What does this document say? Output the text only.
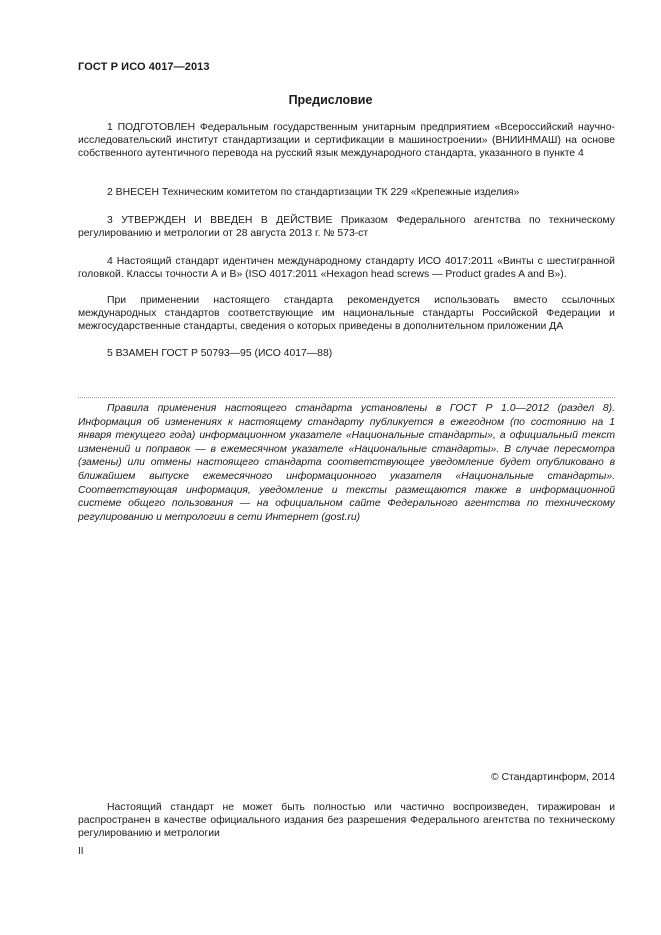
ГОСТ Р ИСО 4017—2013
Предисловие

1 ПОДГОТОВЛЕН Федеральным государственным унитарным предприятием «Всероссийский научно-исследовательский институт стандартизации и сертификации в машиностроении» (ВНИИНМАШ) на основе собственного аутентичного перевода на русский язык международного стандарта, указанного в пункте 4

2 ВНЕСЕН Техническим комитетом по стандартизации ТК 229 «Крепежные изделия»

3 УТВЕРЖДЕН И ВВЕДЕН В ДЕЙСТВИЕ Приказом Федерального агентства по техническому регулированию и метрологии от 28 августа 2013 г. № 573-ст

4 Настоящий стандарт идентичен международному стандарту ИСО 4017:2011 «Винты с шестигранной головкой. Классы точности А и В» (ISO 4017:2011 «Hexagon head screws — Product grades A and B»).

При применении настоящего стандарта рекомендуется использовать вместо ссылочных международных стандартов соответствующие им национальные стандарты Российской Федерации и межгосударственные стандарты, сведения о которых приведены в дополнительном приложении ДА

5 ВЗАМЕН ГОСТ Р 50793—95 (ИСО 4017—88)

Правила применения настоящего стандарта установлены в ГОСТ Р 1.0—2012 (раздел 8). Информация об изменениях к настоящему стандарту публикуется в ежегодном (по состоянию на 1 января текущего года) информационном указателе «Национальные стандарты», а официальный текст изменений и поправок — в ежемесячном указателе «Национальные стандарты». В случае пересмотра (замены) или отмены настоящего стандарта соответствующее уведомление будет опубликовано в ближайшем выпуске ежемесячного информационного указателя «Национальные стандарты». Соответствующая информация, уведомление и тексты размещаются также в информационной системе общего пользования — на официальном сайте Федерального агентства по техническому регулированию и метрологии в сети Интернет (gost.ru)

© Стандартинформ, 2014

Настоящий стандарт не может быть полностью или частично воспроизведен, тиражирован и распространен в качестве официального издания без разрешения Федерального агентства по техническому регулированию и метрологии

II
